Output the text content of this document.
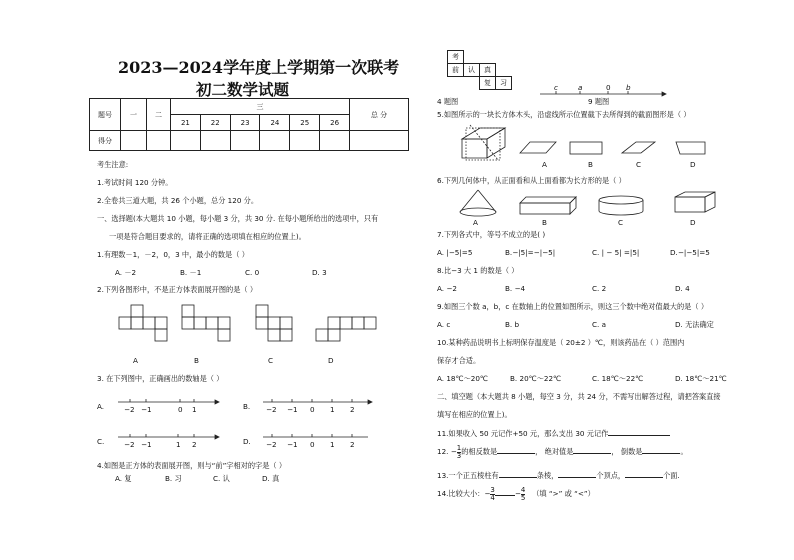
2023—2024学年度上学期第一次联考
初二数学试题
题号	一	二	三						总 分
			21	22	23	24	25	26	
得分									
考生注意:
1.考试时间 120 分钟。
2.全卷共三道大题，共 26 个小题，总分 120 分。
一、选择题(本大题共 10 小题，每小题 3 分，共 30 分. 在每小题所给出的选项中，只有
一项是符合题目要求的，请将正确的选项填在相应的位置上)。
1.有理数－1，－2，0，3 中，最小的数是（ ）
A. －2	B. －1	C. 0	D. 3
2.下列各图形中，不是正方体表面展开图的是（ ）
A	B	C	D
3. 在下列图中，正确画出的数轴是（ ）
A.	B.
C.	D.
−2 −1	0 1	−2 −1 0 1 2
−2 −1	1 2	−2 −1 0 1 2
4.如图是正方体的表面展开图，则与“前”字相对的字是（ ）
A. 复	B. 习	C. 认	D. 真
考
前	认	真
复	习
4 题图
c	a	0 b
9 题图
5.如图所示的一块长方体木头，沿虚线所示位置截下去所得到的截面图形是（ ）
A	B	C	D
6.下列几何体中，从正面看和从上面看都为长方形的是（ ）
A	B	C	D
7.下列各式中，等号不成立的是( )
A. |−5|=5	B.−|5|=−|−5|	C. | − 5| =|5|	D.−|−5|=5
8.比−3 大 1 的数是（ ）
A. −2	B. −4	C. 2	D. 4
9.如图三个数 a，b，c 在数轴上的位置如图所示，则这三个数中绝对值最大的是（ ）
A. c	B. b	C. a	D. 无法确定
10.某种药品说明书上标明保存温度是（ 20±2 ）℃，则该药品在（ ）范围内
保存才合适。
A. 18℃～20℃	B. 20℃～22℃	C. 18℃～22℃	D. 18℃～21℃
二、填空题（本大题共 8 小题，每空 3 分，共 24 分，不需写出解答过程，请把答案直接
填写在相应的位置上)。
11.如果收入 50 元记作+50 元，那么支出 30 元记作
12. − $\frac{1}{3}$ 的相反数是	， 绝对值是	， 倒数是	。
13.一个正五棱柱有	条棱，	个顶点，	个面.
14.比较大小：− $\frac{3}{4}$	− $\frac{4}{5}$ （填 “>” 或 “<”）
